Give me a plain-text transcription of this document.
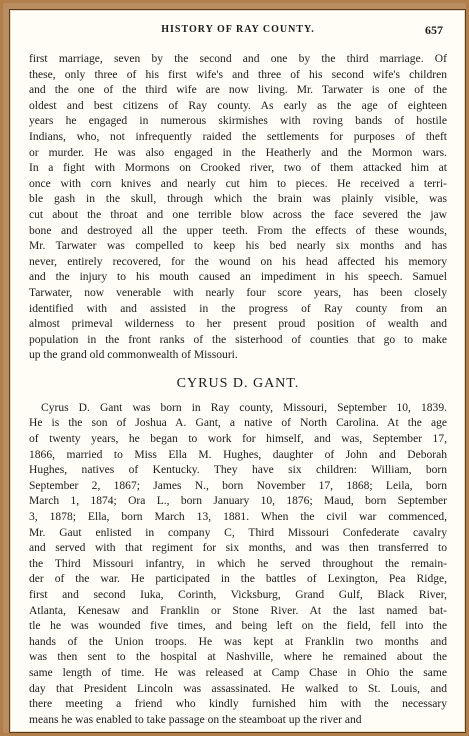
HISTORY OF RAY COUNTY.	657
first marriage, seven by the second and one by the third marriage. Of
these, only three of his first wife's and three of his second wife's children
and the one of the third wife are now living. Mr. Tarwater is one of the
oldest and best citizens of Ray county. As early as the age of eighteen
years he engaged in numerous skirmishes with roving bands of hostile
Indians, who, not infrequently raided the settlements for purposes of theft
or murder. He was also engaged in the Heatherly and the Mormon wars.
In a fight with Mormons on Crooked river, two of them attacked him at
once with corn knives and nearly cut him to pieces. He received a terri-
ble gash in the skull, through which the brain was plainly visible, was
cut about the throat and one terrible blow across the face severed the jaw
bone and destroyed all the upper teeth. From the effects of these wounds,
Mr. Tarwater was compelled to keep his bed nearly six months and has
never, entirely recovered, for the wound on his head affected his memory
and the injury to his mouth caused an impediment in his speech. Samuel
Tarwater, now venerable with nearly four score years, has been closely
identified with and assisted in the progress of Ray county from an
almost primeval wilderness to her present proud position of wealth and
population in the front ranks of the sisterhood of counties that go to make
up the grand old commonwealth of Missouri.
CYRUS D. GANT.
Cyrus D. Gant was born in Ray county, Missouri, September 10, 1839.
He is the son of Joshua A. Gant, a native of North Carolina. At the age
of twenty years, he began to work for himself, and was, September 17,
1866, married to Miss Ella M. Hughes, daughter of John and Deborah
Hughes, natives of Kentucky. They have six children: William, born
September 2, 1867; James N., born November 17, 1868; Leila, born
March 1, 1874; Ora L., born January 10, 1876; Maud, born September
3, 1878; Ella, born March 13, 1881. When the civil war commenced,
Mr. Gaut enlisted in company C, Third Missouri Confederate cavalry
and served with that regiment for six months, and was then transferred to
the Third Missouri infantry, in which he served throughout the remain-
der of the war. He participated in the battles of Lexington, Pea Ridge,
first and second Iuka, Corinth, Vicksburg, Grand Gulf, Black River,
Atlanta, Kenesaw and Franklin or Stone River. At the last named bat-
tle he was wounded five times, and being left on the field, fell into the
hands of the Union troops. He was kept at Franklin two months and
was then sent to the hospital at Nashville, where he remained about the
same length of time. He was released at Camp Chase in Ohio the same
day that President Lincoln was assassinated. He walked to St. Louis, and
there meeting a friend who kindly furnished him with the necessary
means he was enabled to take passage on the steamboat up the river and
